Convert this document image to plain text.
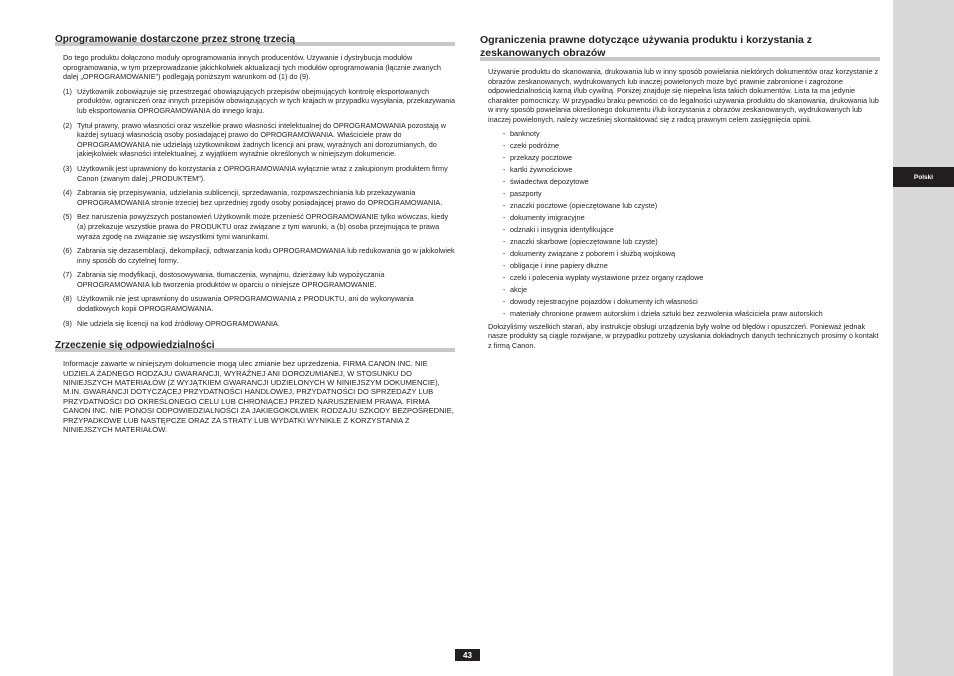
Polski
Oprogramowanie dostarczone przez stronę trzecią

Do tego produktu dołączono moduły oprogramowania innych producentów. Używanie i dystrybucja modułów oprogramowania, w tym przeprowadzanie jakichkolwiek aktualizacji tych modułów oprogramowania (łącznie zwanych dalej „OPROGRAMOWANIE”) podlegają poniższym warunkom od (1) do (9).

(1) Użytkownik zobowiązuje się przestrzegać obowiązujących przepisów obejmujących kontrolę eksportowanych produktów, ograniczeń oraz innych przepisów obowiązujących w tych krajach w przypadku wysyłania, przekazywania lub eksportowania OPROGRAMOWANIA do innego kraju.
(2) Tytuł prawny, prawo własności oraz wszelkie prawo własności intelektualnej do OPROGRAMOWANIA pozostają w każdej sytuacji własnością osoby posiadającej prawo do OPROGRAMOWANIA. Właściciele praw do OPROGRAMOWANIA nie udzielają użytkownikowi żadnych licencji ani praw, wyraźnych ani dorozumianych, do jakiejkolwiek własności intelektualnej, z wyjątkiem wyraźnie określonych w niniejszym dokumencie.
(3) Użytkownik jest uprawniony do korzystania z OPROGRAMOWANIA wyłącznie wraz z zakupionym produktem firmy Canon (zwanym dalej „PRODUKTEM”).
(4) Zabrania się przepisywania, udzielania sublicencji, sprzedawania, rozpowszechniania lub przekazywania OPROGRAMOWANIA stronie trzeciej bez uprzedniej zgody osoby posiadającej prawo do OPROGRAMOWANIA.
(5) Bez naruszenia powyższych postanowień Użytkownik może przenieść OPROGRAMOWANIE tylko wówczas, kiedy (a) przekazuje wszystkie prawa do PRODUKTU oraz związane z tym warunki, a (b) osoba przejmująca te prawa wyraża zgodę na związanie się wszystkimi tymi warunkami.
(6) Zabrania się dezasemblacji, dekompilacji, odtwarzania kodu OPROGRAMOWANIA lub redukowania go w jakikolwiek inny sposób do czytelnej formy.
(7) Zabrania się modyfikacji, dostosowywania, tłumaczenia, wynajmu, dzierżawy lub wypożyczania OPROGRAMOWANIA lub tworzenia produktów w oparciu o niniejsze OPROGRAMOWANIE.
(8) Użytkownik nie jest uprawniony do usuwania OPROGRAMOWANIA z PRODUKTU, ani do wykonywania dodatkowych kopii OPROGRAMOWANIA.
(9) Nie udziela się licencji na kod źródłowy OPROGRAMOWANIA.
Zrzeczenie się odpowiedzialności

Informacje zawarte w niniejszym dokumencie mogą ulec zmianie bez uprzedzenia. FIRMA CANON INC. NIE UDZIELA ŻADNEGO RODZAJU GWARANCJI, WYRAŹNEJ ANI DOROZUMIANEJ, W STOSUNKU DO NINIEJSZYCH MATERIAŁÓW (Z WYJĄTKIEM GWARANCJI UDZIELONYCH W NINIEJSZYM DOKUMENCIE), M.IN. GWARANCJI DOTYCZĄCEJ PRZYDATNOŚCI HANDLOWEJ, PRZYDATNOŚCI DO SPRZEDAŻY LUB PRZYDATNOŚCI DO OKREŚLONEGO CELU LUB CHRONIĄCEJ PRZED NARUSZENIEM PRAWA. FIRMA CANON INC. NIE PONOSI ODPOWIEDZIALNOŚCI ZA JAKIEGOKOLWIEK RODZAJU SZKODY BEZPOŚREDNIE, PRZYPADKOWE LUB NASTĘPCZE ORAZ ZA STRATY LUB WYDATKI WYNIKŁE Z KORZYSTANIA Z NINIEJSZYCH MATERIAŁÓW.

Ograniczenia prawne dotyczące używania produktu i korzystania z zeskanowanych obrazów

Używanie produktu do skanowania, drukowania lub w inny sposób powielania niektórych dokumentów oraz korzystanie z obrazów zeskanowanych, wydrukowanych lub inaczej powielonych może być prawnie zabronione i zagrożone odpowiedzialnością karną i/lub cywilną. Poniżej znajduje się niepełna lista takich dokumentów. Lista ta ma jedynie charakter pomocniczy. W przypadku braku pewności co do legalności używania produktu do skanowania, drukowania lub w inny sposób powielania określonego dokumentu i/lub korzystania z obrazów zeskanowanych, wydrukowanych lub inaczej powielonych, należy wcześniej skontaktować się z radcą prawnym celem zasięgnięcia opinii.

- banknoty
- czeki podróżne
- przekazy pocztowe
- kartki żywnościowe
- świadectwa depozytowe
- paszporty
- znaczki pocztowe (opieczętowane lub czyste)
- dokumenty imigracyjne
- odznaki i insygnia identyfikujące
- znaczki skarbowe (opieczętowane lub czyste)
- dokumenty związane z poborem i służbą wojskową
- obligacje i inne papiery dłużne
- czeki i polecenia wypłaty wystawione przez organy rządowe
- akcje
- dowody rejestracyjne pojazdów i dokumenty ich własności
- materiały chronione prawem autorskim i dzieła sztuki bez zezwolenia właściciela praw autorskich

Dołożyliśmy wszelkich starań, aby instrukcje obsługi urządzenia były wolne od błędów i opuszczeń. Ponieważ jednak nasze produkty są ciągle rozwijane, w przypadku potrzeby uzyskania dokładnych danych technicznych prosimy o kontakt z firmą Canon.

43
